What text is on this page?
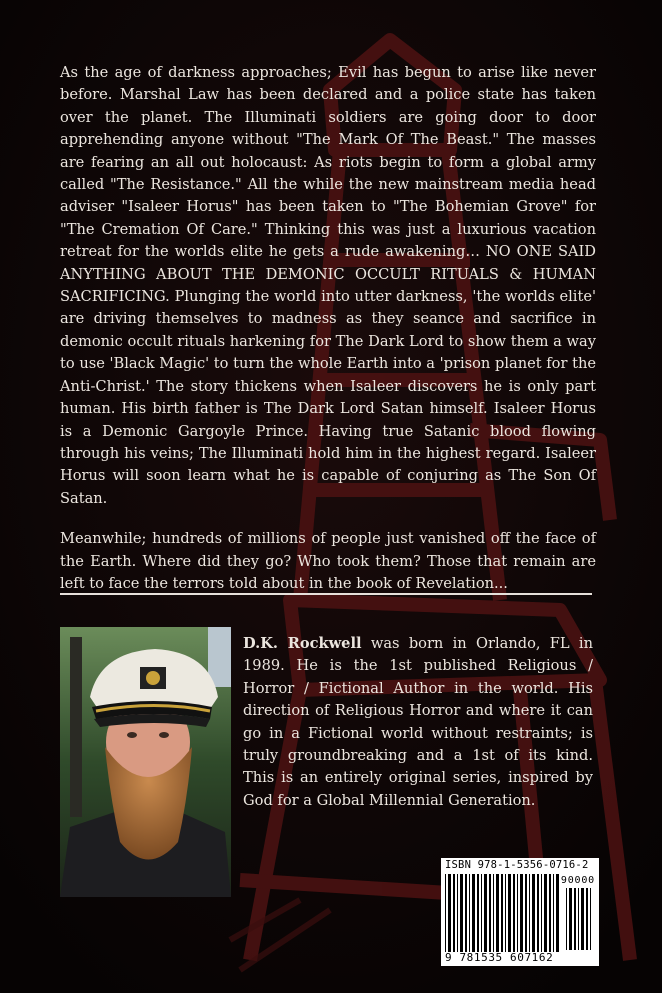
As the age of darkness approaches; Evil has begun to arise like never before. Marshal Law has been declared and a police state has taken over the planet. The Illuminati soldiers are going door to door apprehending anyone without "The Mark Of The Beast." The masses are fearing an all out holocaust: As riots begin to form a global army called "The Resistance." All the while the new mainstream media head adviser "Isaleer Horus" has been taken to "The Bohemian Grove" for "The Cremation Of Care." Thinking this was just a luxurious vacation retreat for the worlds elite he gets a rude awakening… NO ONE SAID ANYTHING ABOUT THE DEMONIC OCCULT RITUALS & HUMAN SACRIFICING. Plunging the world into utter darkness, 'the worlds elite' are driving themselves to madness as they seance and sacrifice in demonic occult rituals harkening for The Dark Lord to show them a way to use 'Black Magic' to turn the whole Earth into a 'prison planet for the Anti-Christ.' The story thickens when Isaleer discovers he is only part human. His birth father is The Dark Lord Satan himself. Isaleer Horus is a Demonic Gargoyle Prince. Having true Satanic blood flowing through his veins; The Illuminati hold him in the highest regard. Isaleer Horus will soon learn what he is capable of conjuring as The Son Of Satan.

Meanwhile; hundreds of millions of people just vanished off the face of the Earth. Where did they go? Who took them? Those that remain are left to face the terrors told about in the book of Revelation...

D.K. Rockwell was born in Orlando, FL in 1989. He is the 1st published Religious / Horror / Fictional Author in the world. His direction of Religious Horror and where it can go in a Fictional world without restraints; is truly groundbreaking and a 1st of its kind. This is an entirely original series, inspired by God for a Global Millennial Generation.
ISBN 978-1-5356-0716-2
90000
9 781535 607162
